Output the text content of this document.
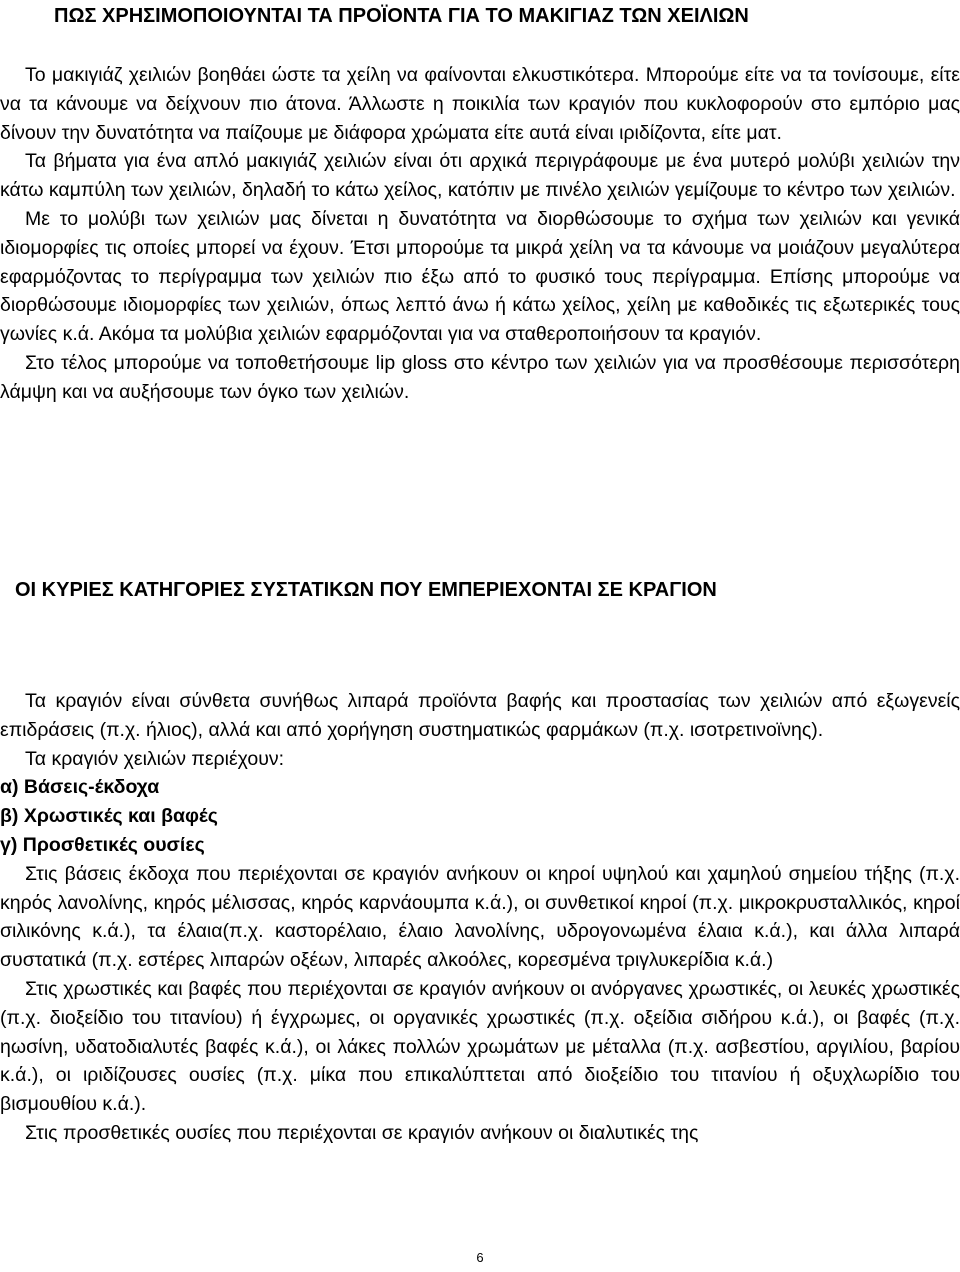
ΠΩΣ ΧΡΗΣΙΜΟΠΟΙΟΥΝΤΑΙ ΤΑ ΠΡΟΪΟΝΤΑ ΓΙΑ ΤΟ ΜΑΚΙΓΙΑΖ ΤΩΝ ΧΕΙΛΙΩΝ

Το μακιγιάζ χειλιών βοηθάει ώστε τα χείλη να φαίνονται ελκυστικότερα. Μπορούμε είτε να τα τονίσουμε, είτε να τα κάνουμε να δείχνουν πιο άτονα. Άλλωστε η ποικιλία των κραγιόν που κυκλοφορούν στο εμπόριο μας δίνουν την δυνατότητα να παίζουμε με διάφορα χρώματα είτε αυτά είναι ιριδίζοντα, είτε ματ.

Τα βήματα για ένα απλό μακιγιάζ χειλιών είναι ότι αρχικά περιγράφουμε με ένα μυτερό μολύβι χειλιών την κάτω καμπύλη των χειλιών, δηλαδή το κάτω χείλος, κατόπιν με πινέλο χειλιών γεμίζουμε το κέντρο των χειλιών.

Με το μολύβι των χειλιών μας δίνεται η δυνατότητα να διορθώσουμε το σχήμα των χειλιών και γενικά ιδιομορφίες τις οποίες μπορεί να έχουν. Έτσι μπορούμε τα μικρά χείλη να τα κάνουμε να μοιάζουν μεγαλύτερα εφαρμόζοντας το περίγραμμα των χειλιών πιο έξω από το φυσικό τους περίγραμμα. Επίσης μπορούμε να διορθώσουμε ιδιομορφίες των χειλιών, όπως λεπτό άνω ή κάτω χείλος, χείλη με καθοδικές τις εξωτερικές τους γωνίες κ.ά. Ακόμα τα μολύβια χειλιών εφαρμόζονται για να σταθεροποιήσουν τα κραγιόν.

Στο τέλος μπορούμε να τοποθετήσουμε lip gloss στο κέντρο των χειλιών για να προσθέσουμε περισσότερη λάμψη και να αυξήσουμε των όγκο των χειλιών.

ΟΙ ΚΥΡΙΕΣ ΚΑΤΗΓΟΡΙΕΣ ΣΥΣΤΑΤΙΚΩΝ ΠΟΥ ΕΜΠΕΡΙΕΧΟΝΤΑΙ ΣΕ ΚΡΑΓΙΟΝ

Τα κραγιόν είναι σύνθετα συνήθως λιπαρά προϊόντα βαφής και προστασίας των χειλιών από εξωγενείς επιδράσεις (π.χ. ήλιος), αλλά και από χορήγηση συστηματικώς φαρμάκων (π.χ. ισοτρετινοϊνης).

Τα κραγιόν χειλιών περιέχουν:

α) Βάσεις-έκδοχα

β) Χρωστικές και βαφές

γ) Προσθετικές ουσίες

Στις βάσεις έκδοχα που περιέχονται σε κραγιόν ανήκουν οι κηροί υψηλού και χαμηλού σημείου τήξης (π.χ. κηρός λανολίνης, κηρός μέλισσας, κηρός καρνάουμπα κ.ά.), οι συνθετικοί κηροί (π.χ. μικροκρυσταλλικός, κηροί σιλικόνης κ.ά.), τα έλαια(π.χ. καστορέλαιο, έλαιο λανολίνης, υδρογονωμένα έλαια κ.ά.), και άλλα λιπαρά συστατικά (π.χ. εστέρες λιπαρών οξέων, λιπαρές αλκοόλες, κορεσμένα τριγλυκερίδια κ.ά.)

Στις χρωστικές και βαφές που περιέχονται σε κραγιόν ανήκουν οι ανόργανες χρωστικές, οι λευκές χρωστικές (π.χ. διοξείδιο του τιτανίου) ή έγχρωμες, οι οργανικές χρωστικές (π.χ. οξείδια σιδήρου κ.ά.), οι βαφές (π.χ. ηωσίνη, υδατοδιαλυτές βαφές κ.ά.), οι λάκες πολλών χρωμάτων με μέταλλα (π.χ. ασβεστίου, αργιλίου, βαρίου κ.ά.), οι ιριδίζουσες ουσίες (π.χ. μίκα που επικαλύπτεται από διοξείδιο του τιτανίου ή οξυχλωρίδιο του βισμουθίου κ.ά.).

Στις προσθετικές ουσίες που περιέχονται σε κραγιόν ανήκουν οι διαλυτικές της

6
